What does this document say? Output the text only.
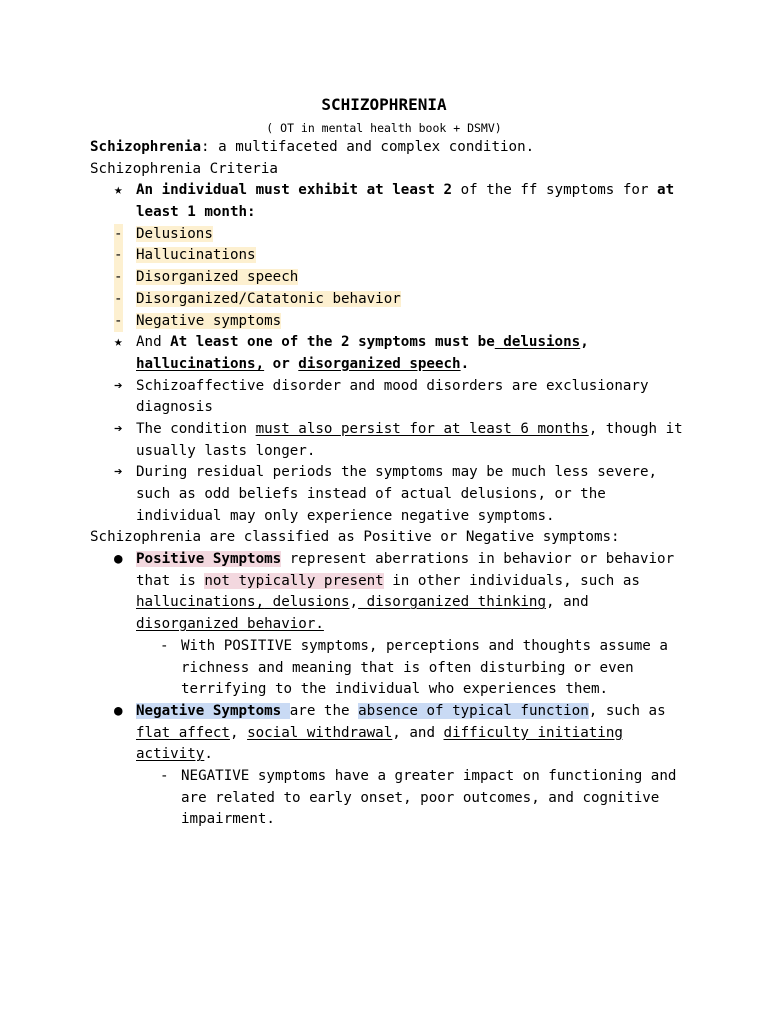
SCHIZOPHRENIA
( OT in mental health book + DSMV)
Schizophrenia: a multifaceted and complex condition.
Schizophrenia Criteria
★ An individual must exhibit at least 2 of the ff symptoms for at
least 1 month:
- Delusions
- Hallucinations
- Disorganized speech
- Disorganized/Catatonic behavior
- Negative symptoms
★ And At least one of the 2 symptoms must be delusions,
hallucinations, or disorganized speech.
➔ Schizoaffective disorder and mood disorders are exclusionary
diagnosis
➔ The condition must also persist for at least 6 months, though it
usually lasts longer.
➔ During residual periods the symptoms may be much less severe,
such as odd beliefs instead of actual delusions, or the
individual may only experience negative symptoms.
Schizophrenia are classified as Positive or Negative symptoms:
● Positive Symptoms represent aberrations in behavior or behavior
that is not typically present in other individuals, such as
hallucinations, delusions, disorganized thinking, and
disorganized behavior.
- With POSITIVE symptoms, perceptions and thoughts assume a
richness and meaning that is often disturbing or even
terrifying to the individual who experiences them.
● Negative Symptoms are the absence of typical function, such as
flat affect, social withdrawal, and difficulty initiating
activity.
- NEGATIVE symptoms have a greater impact on functioning and
are related to early onset, poor outcomes, and cognitive
impairment.
